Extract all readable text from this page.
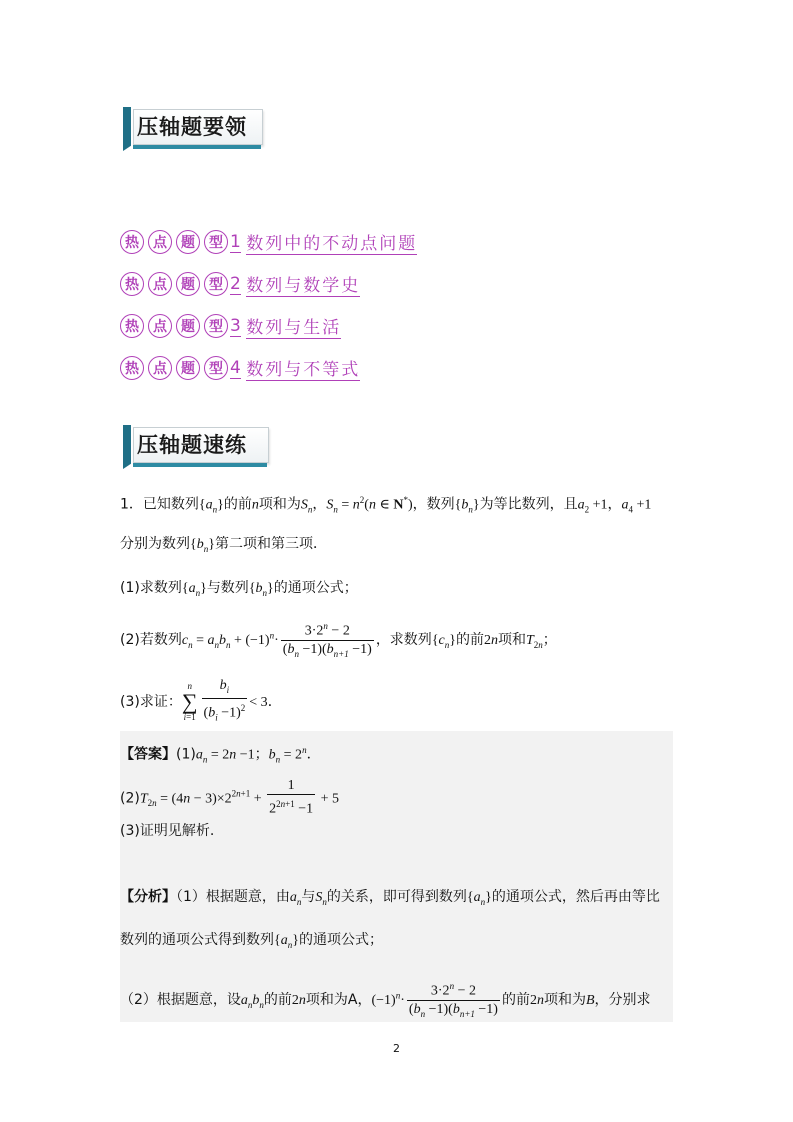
压轴题要领
热	点	题	型 1
数列中的不动点问题
热	点	题	型 2
数列与数学史
热	点	题	型 3
数列与生活
热	点	题	型 4
数列与不等式
压轴题速练
1．已知数列$\{a_n\}$的前n项和为$S_n$，$S_n = n^2(n$ ∈ N*)，数列$\{b_n\}$为等比数列，且$a_2 +1$，$a_4 +1$
分别为数列$\{b_n\}$第二项和第三项．
(1)求数列$\{a_n\}$与数列$\{b_n\}$的通项公式；
(2)若数列$c_n = a_nb_n + (-1)^n\cdot \frac{3\cdot 2^n - 2}{(b_n -1)(b_{n+1} -1)}$ ，求数列$\{c_n\}$的前2n项和$T_{2n}$；
(3)求证：n
∑
$i=1 \frac{b_i}{(b_i -1)^2} < 3$．
【答案】$(1)a_n = 2n -1$；$b_n = 2^n$．
$(2)T_{2n} = (4n - 3)\times 2^{2n+1} + \frac{1}{2^{2n+1} -1} + 5$
(3)证明见解析.
【分析】（1）根据题意，由$a_n$与$S_n$的关系，即可得到数列$\{a_n\}$的通项公式，然后再由等比
数列的通项公式得到数列$\{a_n\}$的通项公式；
（2）根据题意，设$a_nb_n$的前2n项和为A，$(-1)^n\cdot \frac{3\cdot 2^n - 2}{(b_n -1)(b_{n+1} -1)}$ 的前2n项和为B，分别求
2
